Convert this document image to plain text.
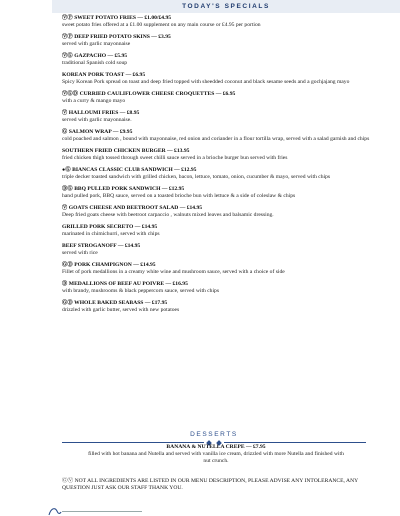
TODAY'S SPECIALS
ⓋⓅ SWEET POTATO FRIES — £1.00/£4.95
sweet potato fries offered at a £1.00 supplement on any main course or £4.95 per portion
ⓋⓅ DEEP FRIED POTATO SKINS — £3.95
served with garlic mayonnaise
ⓋⒼ GAZPACHO — £5.95
traditional Spanish cold soup
KOREAN PORK TOAST — £6.95
Spicy Korean Pork spread on toast and deep fried topped with sheedded coconut and black sesame seeds and a gochjajang mayo
ⓋⒼⒹ CURRIED CAULIFLOWER CHEESE CROQUETTES — £6.95
with a curry & mango mayo
Ⓥ HALLOUMI FRIES — £8.95
served with garlic mayonnaise.
Ⓖ SALMON WRAP — £9.95
cold poached and salmon , bound with mayonnaise, red onion and coriander in a flour tortilla wrap, served with a salad garnish and chips
SOUTHERN FRIED CHICKEN BURGER — £13.95
fried chicken thigh tossed through sweet chilli sauce served in a brioche burger bun served with fries
●Ⓖ BIANCAS CLASSIC CLUB SANDWICH — £12.95
triple decker toasted sandwich with grilled chicken, bacon, lettuce, tomato, onion, cucumber & mayo, served with chips
ⒹⒼ BBQ PULLED PORK SANDWICH — £12.95
hand pulled pork, BBQ sauce, served on a toasted brioche bun with lettuce & a side of coleslaw & chips
Ⓥ GOATS CHEESE AND BEETROOT SALAD — £14.95
Deep fried goats cheese with beetroot carpaccio , walnuts mixed leaves and balsamic dressing.
GRILLED PORK SECRETO — £14.95
marinated in chimichurri, served with chips
BEEF STROGANOFF — £14.95
served with rice
ⒼⒹ PORK CHAMPIGNON — £14.95
Fillet of pork medallions in a creamy white wine and mushroom sauce, served with a choice of side
Ⓓ MEDALLIONS OF BEEF AU POIVRE — £16.95
with brandy, mushrooms & black peppercorn sauce, served with chips
ⒼⒹ WHOLE BAKED SEABASS — £17.95
drizzled with garlic butter, served with new potatoes
DESSERTS
BANANA & NUTELLA CREPE — £7.95
filled with hot banana and Nutella and served with vanilla ice cream, drizzled with more Nutella and finished with nut crunch.
ⒼⓋ NOT ALL INGREDIENTS ARE LISTED IN OUR MENU DESCRIPTION, PLEASE ADVISE ANY INTOLERANCE, ANY QUESTION JUST ASK OUR STAFF THANK YOU.
